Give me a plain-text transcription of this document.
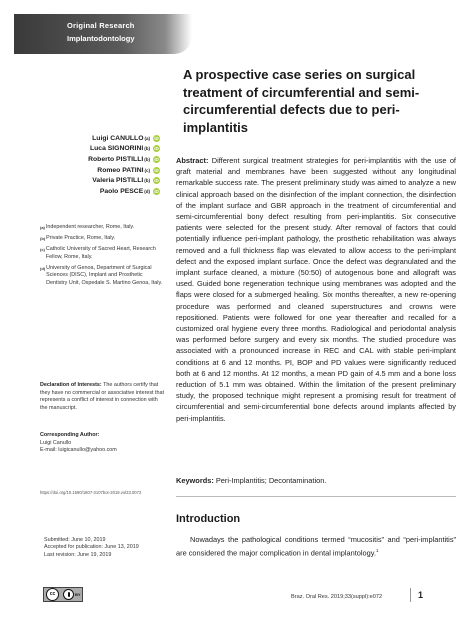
Original Research
Implantodontology
A prospective case series on surgical treatment of circumferential and semi-circumferential defects due to peri-implantitis
Luigi CANULLO (a) iD
Luca SIGNORINI (b) iD
Roberto PISTILLI (b) iD
Romeo PATINI (c) iD
Valeria PISTILLI (b) iD
Paolo PESCE (d) iD
(a) Independent researcher, Rome, Italy.
(b) Private Practice, Rome, Italy.
(c) Catholic University of Sacred Heart, Research Fellow, Rome, Italy.
(d) University of Genoa, Department of Surgical Sciences (DISC), Implant and Prosthetic Dentistry Unit, Ospedale S. Martino Genoa, Italy.
Declaration of Interests: The authors certify that they have no commercial or associative interest that represents a conflict of interest in connection with the manuscript.
Corresponding Author:
Luigi Canullo
E-mail: luigicanullo@yahoo.com
https://doi.org/10.1590/1807-3107bor-2019.vol33.0072
Submitted: June 10, 2019
Accepted for publication: June 13, 2019
Last revision: June 19, 2019
cc	BY
Abstract: Different surgical treatment strategies for peri-implantitis with the use of graft material and membranes have been suggested without any longitudinal remarkable success rate. The present preliminary study was aimed to analyze a new clinical approach based on the disinfection of the implant connection, the disinfection of the implant surface and GBR approach in the treatment of circumferential and semi-circumferential bony defect resulting from peri-implantitis. Six consecutive patients were selected for the present study. After removal of factors that could potentially influence peri-implant pathology, the prosthetic rehabilitation was always removed and a full thickness flap was elevated to allow access to the peri-implant defect and the exposed implant surface. Once the defect was degranulated and the implant surface cleaned, a mixture (50:50) of autogenous bone and allograft was used. Guided bone regeneration technique using membranes was adopted and the flaps were closed for a submerged healing. Six months thereafter, a new re-opening procedure was performed and cleaned superstructures and crowns were repositioned. Patients were followed for one year thereafter and recalled for a customized oral hygiene every three months. Radiological and periodontal analysis was performed before surgery and every six months. The studied procedure was associated with a pronounced increase in REC and CAL with stable peri-implant conditions at 6 and 12 months. PI, BOP and PD values were significantly reduced both at 6 and 12 months. At 12 months, a mean PD gain of 4.5 mm and a bone loss reduction of 5.1 mm was obtained. Within the limitation of the present preliminary study, the proposed technique might represent a promising result for treatment of circumferential and semi-circumferential bone defects around implants affected by peri-implantitis.
Keywords: Peri-Implantitis; Decontamination.
Introduction
Nowadays the pathological conditions termed “mucositis” and “peri-implantitis” are considered the major complication in dental implantology.$^1$
Braz. Oral Res. 2019;33(suppl):e072	1
